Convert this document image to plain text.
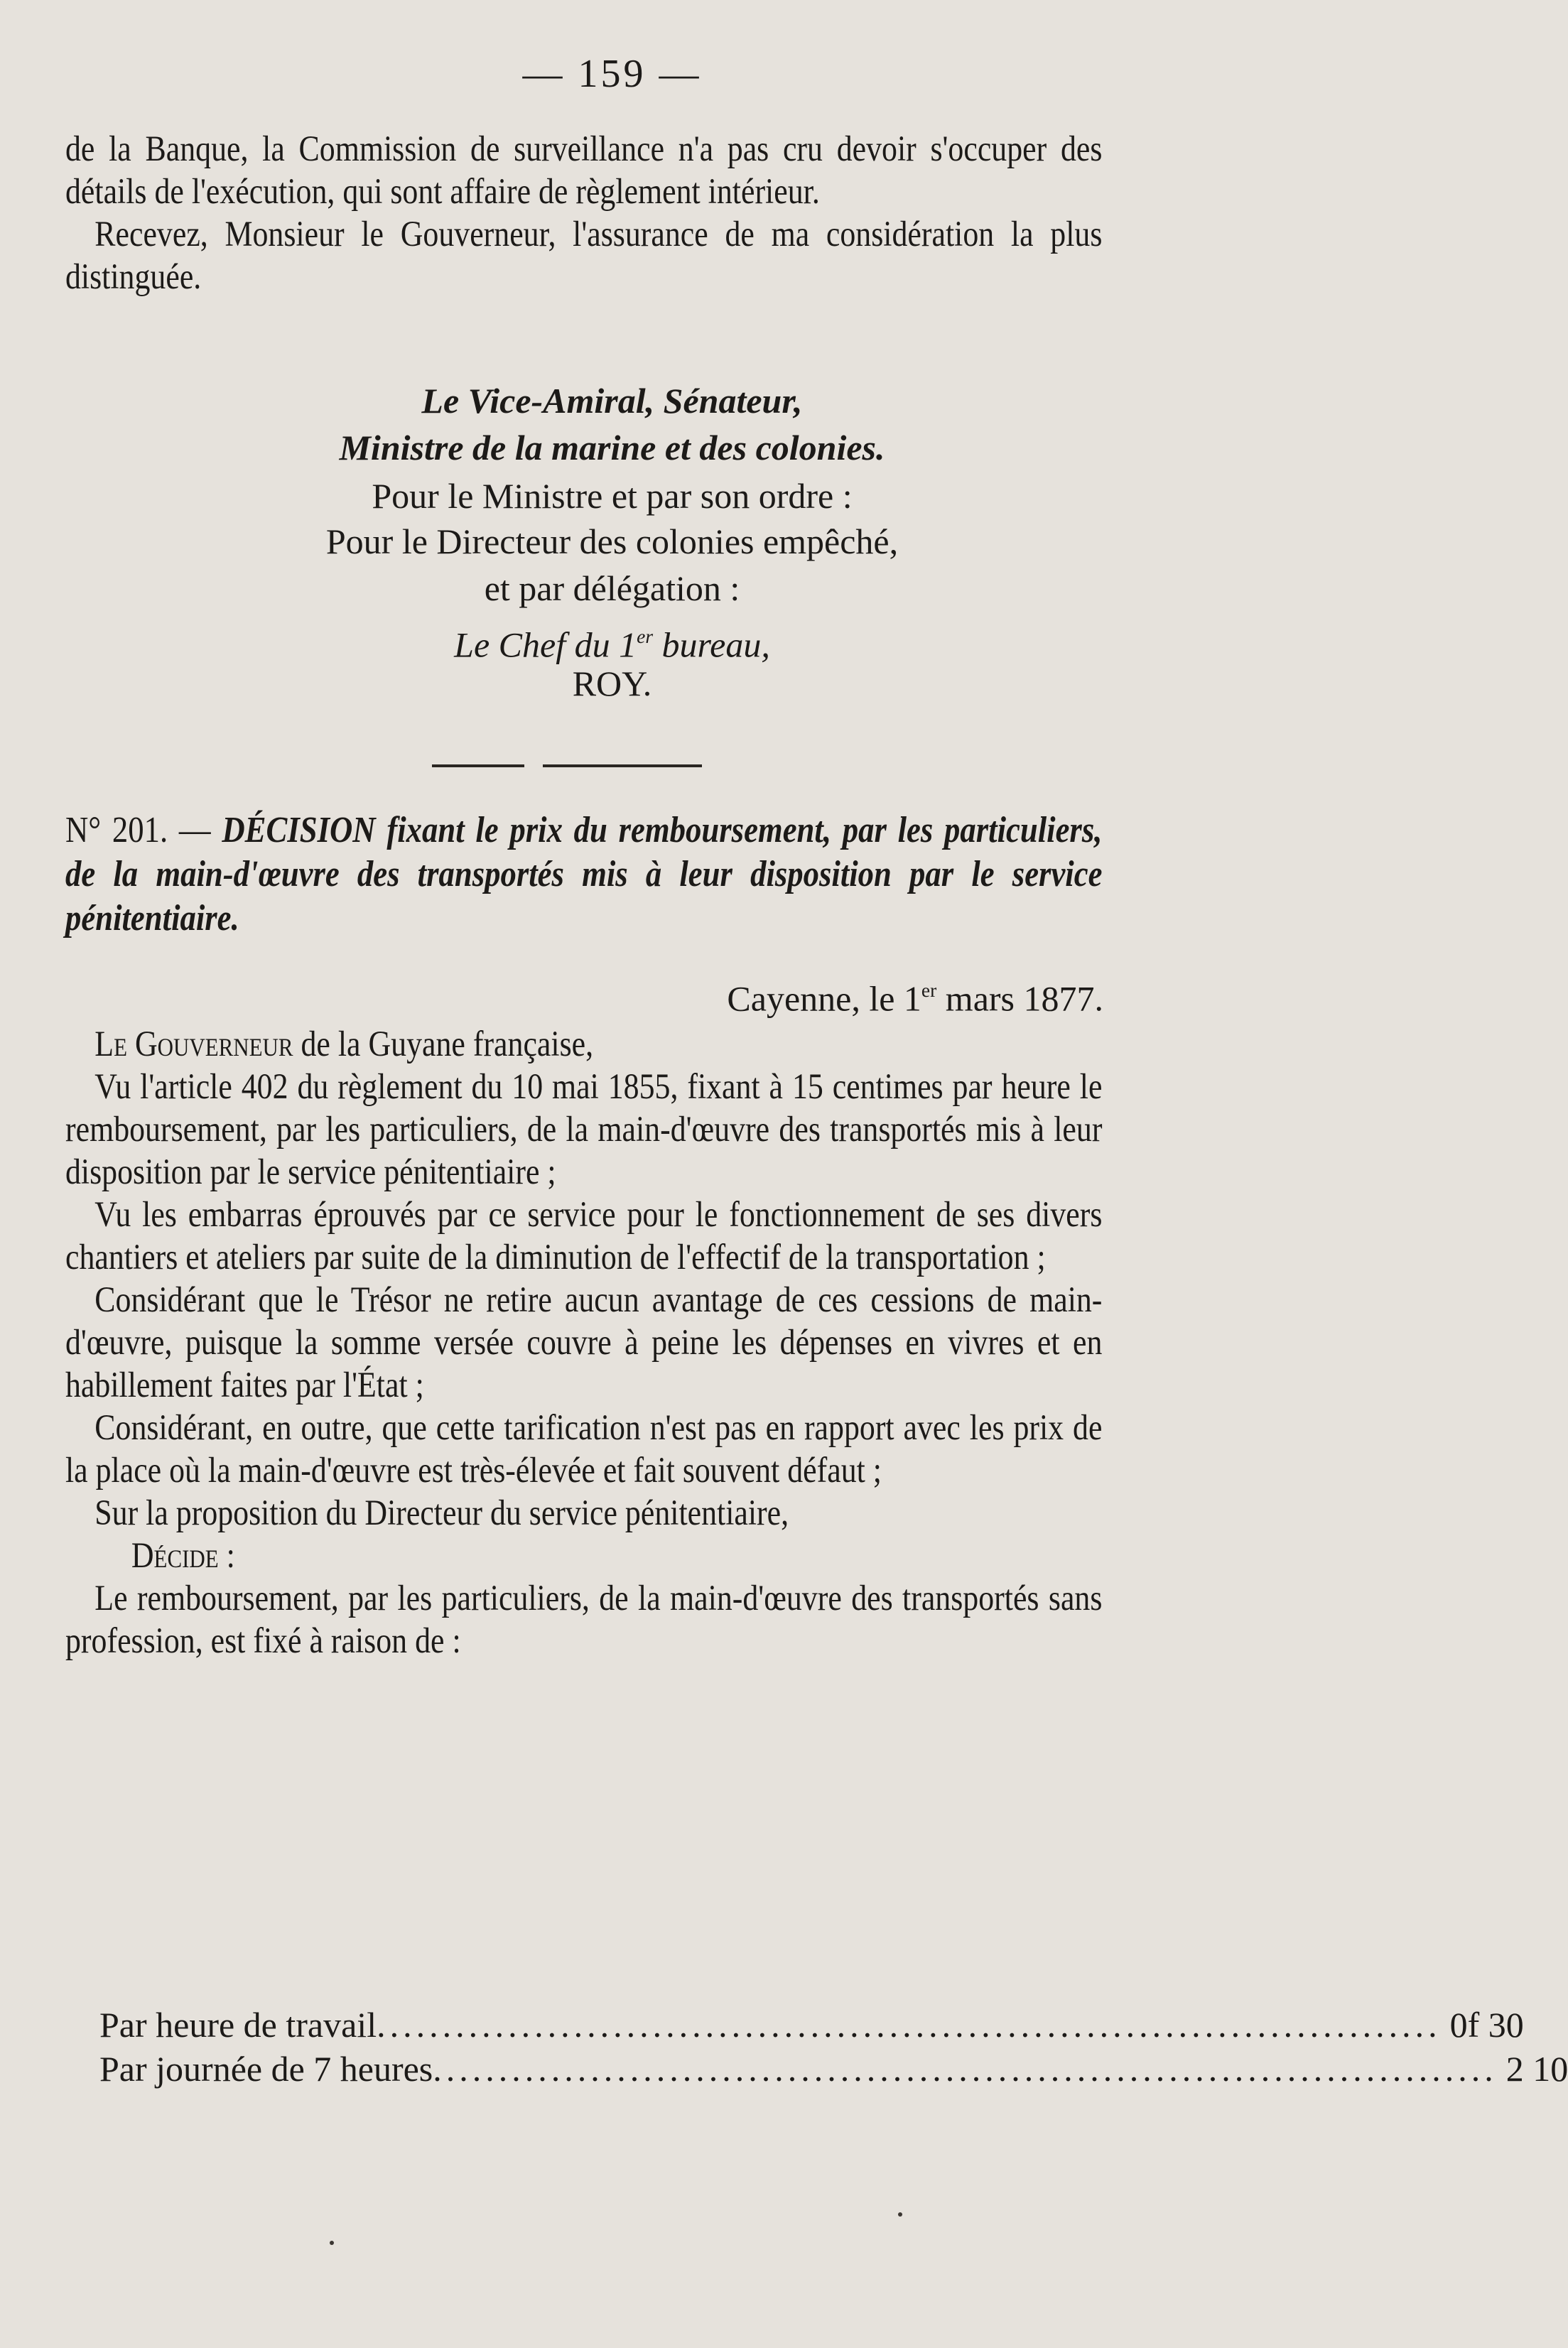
— 159 —

de la Banque, la Commission de surveillance n'a pas cru devoir s'occuper des détails de l'exécution, qui sont affaire de règlement intérieur.

Recevez, Monsieur le Gouverneur, l'assurance de ma considération la plus distinguée.

Le Vice-Amiral, Sénateur,
Ministre de la marine et des colonies.
Pour le Ministre et par son ordre :
Pour le Directeur des colonies empêché,
et par délégation :
Le Chef du 1er bureau,
ROY.

N° 201. — DÉCISION fixant le prix du remboursement, par les particuliers, de la main-d'œuvre des transportés mis à leur disposition par le service pénitentiaire.

Cayenne, le 1er mars 1877.

Le Gouverneur de la Guyane française,

Vu l'article 402 du règlement du 10 mai 1855, fixant à 15 centimes par heure le remboursement, par les particuliers, de la main-d'œuvre des transportés mis à leur disposition par le service pénitentiaire ;

Vu les embarras éprouvés par ce service pour le fonctionnement de ses divers chantiers et ateliers par suite de la diminution de l'effectif de la transportation ;

Considérant que le Trésor ne retire aucun avantage de ces cessions de main-d'œuvre, puisque la somme versée couvre à peine les dépenses en vivres et en habillement faites par l'État ;

Considérant, en outre, que cette tarification n'est pas en rapport avec les prix de la place où la main-d'œuvre est très-élevée et fait souvent défaut ;

Sur la proposition du Directeur du service pénitentiaire,

Décide :

Le remboursement, par les particuliers, de la main-d'œuvre des transportés sans profession, est fixé à raison de :

Par heure de travail ................................................................................. 0f 30
Par journée de 7 heures ................................................................................. 2 10
